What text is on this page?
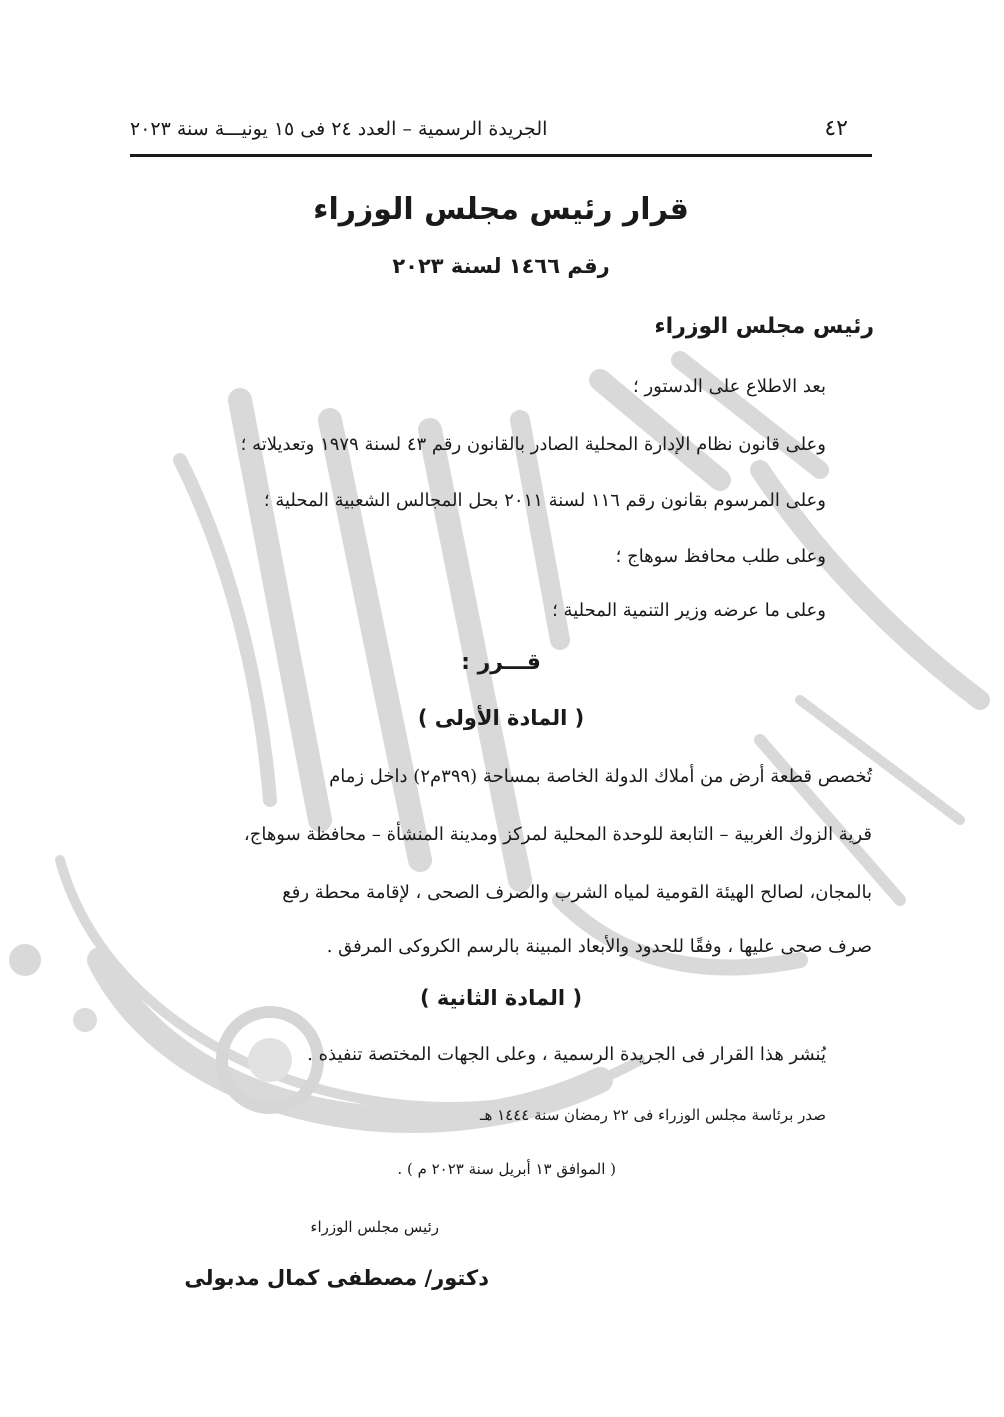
٤٢
الجريدة الرسمية – العدد ٢٤ فى ١٥ يونيـــة سنة ٢٠٢٣
قرار رئيس مجلس الوزراء
رقم ١٤٦٦ لسنة ٢٠٢٣
رئيس مجلس الوزراء
بعد الاطلاع على الدستور ؛
وعلى قانون نظام الإدارة المحلية الصادر بالقانون رقم ٤٣ لسنة ١٩٧٩ وتعديلاته ؛
وعلى المرسوم بقانون رقم ١١٦ لسنة ٢٠١١ بحل المجالس الشعبية المحلية ؛
وعلى طلب محافظ سوهاج ؛
وعلى ما عرضه وزير التنمية المحلية ؛
قـــرر :
( المادة الأولى )
تُخصص قطعة أرض من أملاك الدولة الخاصة بمساحة (٣٩٩م٢) داخل زمام
قرية الزوك الغربية – التابعة للوحدة المحلية لمركز ومدينة المنشأة – محافظة سوهاج،
بالمجان، لصالح الهيئة القومية لمياه الشرب والصرف الصحى ، لإقامة محطة رفع
صرف صحى عليها ، وفقًا للحدود والأبعاد المبينة بالرسم الكروكى المرفق .
( المادة الثانية )
يُنشر هذا القرار فى الجريدة الرسمية ، وعلى الجهات المختصة تنفيذه .
صدر برئاسة مجلس الوزراء فى ٢٢ رمضان سنة ١٤٤٤ هـ
( الموافق ١٣ أبريل سنة ٢٠٢٣ م ) .
رئيس مجلس الوزراء
دكتور/ مصطفى كمال مدبولى
